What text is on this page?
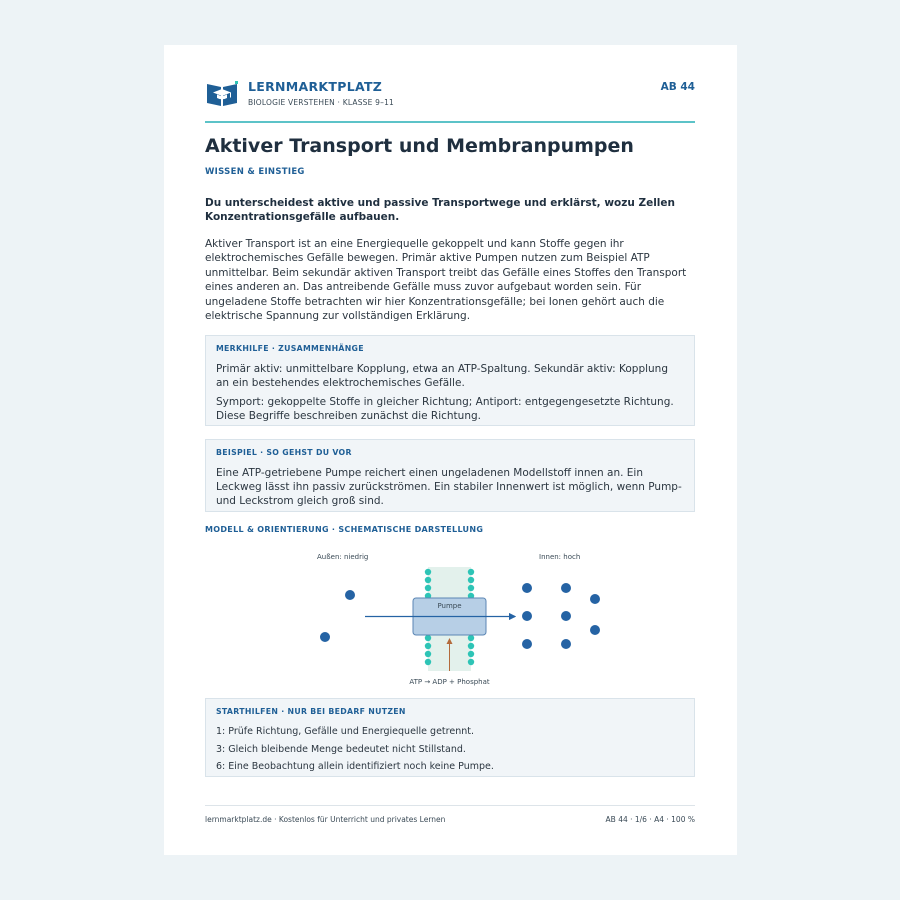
LERNMARKTPLATZ
BIOLOGIE VERSTEHEN · KLASSE 9–11
AB 44
Aktiver Transport und Membranpumpen
WISSEN & EINSTIEG
Du unterscheidest aktive und passive Transportwege und erklärst, wozu Zellen Konzentrationsgefälle aufbauen.
Aktiver Transport ist an eine Energiequelle gekoppelt und kann Stoffe gegen ihr elektrochemisches Gefälle bewegen. Primär aktive Pumpen nutzen zum Beispiel ATP unmittelbar. Beim sekundär aktiven Transport treibt das Gefälle eines Stoffes den Transport eines anderen an. Das antreibende Gefälle muss zuvor aufgebaut worden sein. Für ungeladene Stoffe betrachten wir hier Konzentrationsgefälle; bei Ionen gehört auch die elektrische Spannung zur vollständigen Erklärung.
MERKHILFE · ZUSAMMENHÄNGE

Primär aktiv: unmittelbare Kopplung, etwa an ATP-Spaltung. Sekundär aktiv: Kopplung an ein bestehendes elektrochemisches Gefälle.

Symport: gekoppelte Stoffe in gleicher Richtung; Antiport: entgegengesetzte Richtung. Diese Begriffe beschreiben zunächst die Richtung.

BEISPIEL · SO GEHST DU VOR

Eine ATP-getriebene Pumpe reichert einen ungeladenen Modellstoff innen an. Ein Leckweg lässt ihn passiv zurückströmen. Ein stabiler Innenwert ist möglich, wenn Pump- und Leckstrom gleich groß sind.

MODELL & ORIENTIERUNG · SCHEMATISCHE DARSTELLUNG
Außen: niedrig	Innen: hoch
Pumpe
ATP → ADP + Phosphat
STARTHILFEN · NUR BEI BEDARF NUTZEN

1: Prüfe Richtung, Gefälle und Energiequelle getrennt.

3: Gleich bleibende Menge bedeutet nicht Stillstand.

6: Eine Beobachtung allein identifiziert noch keine Pumpe.

lernmarktplatz.de · Kostenlos für Unterricht und privates Lernen	AB 44 · 1/6 · A4 · 100 %
